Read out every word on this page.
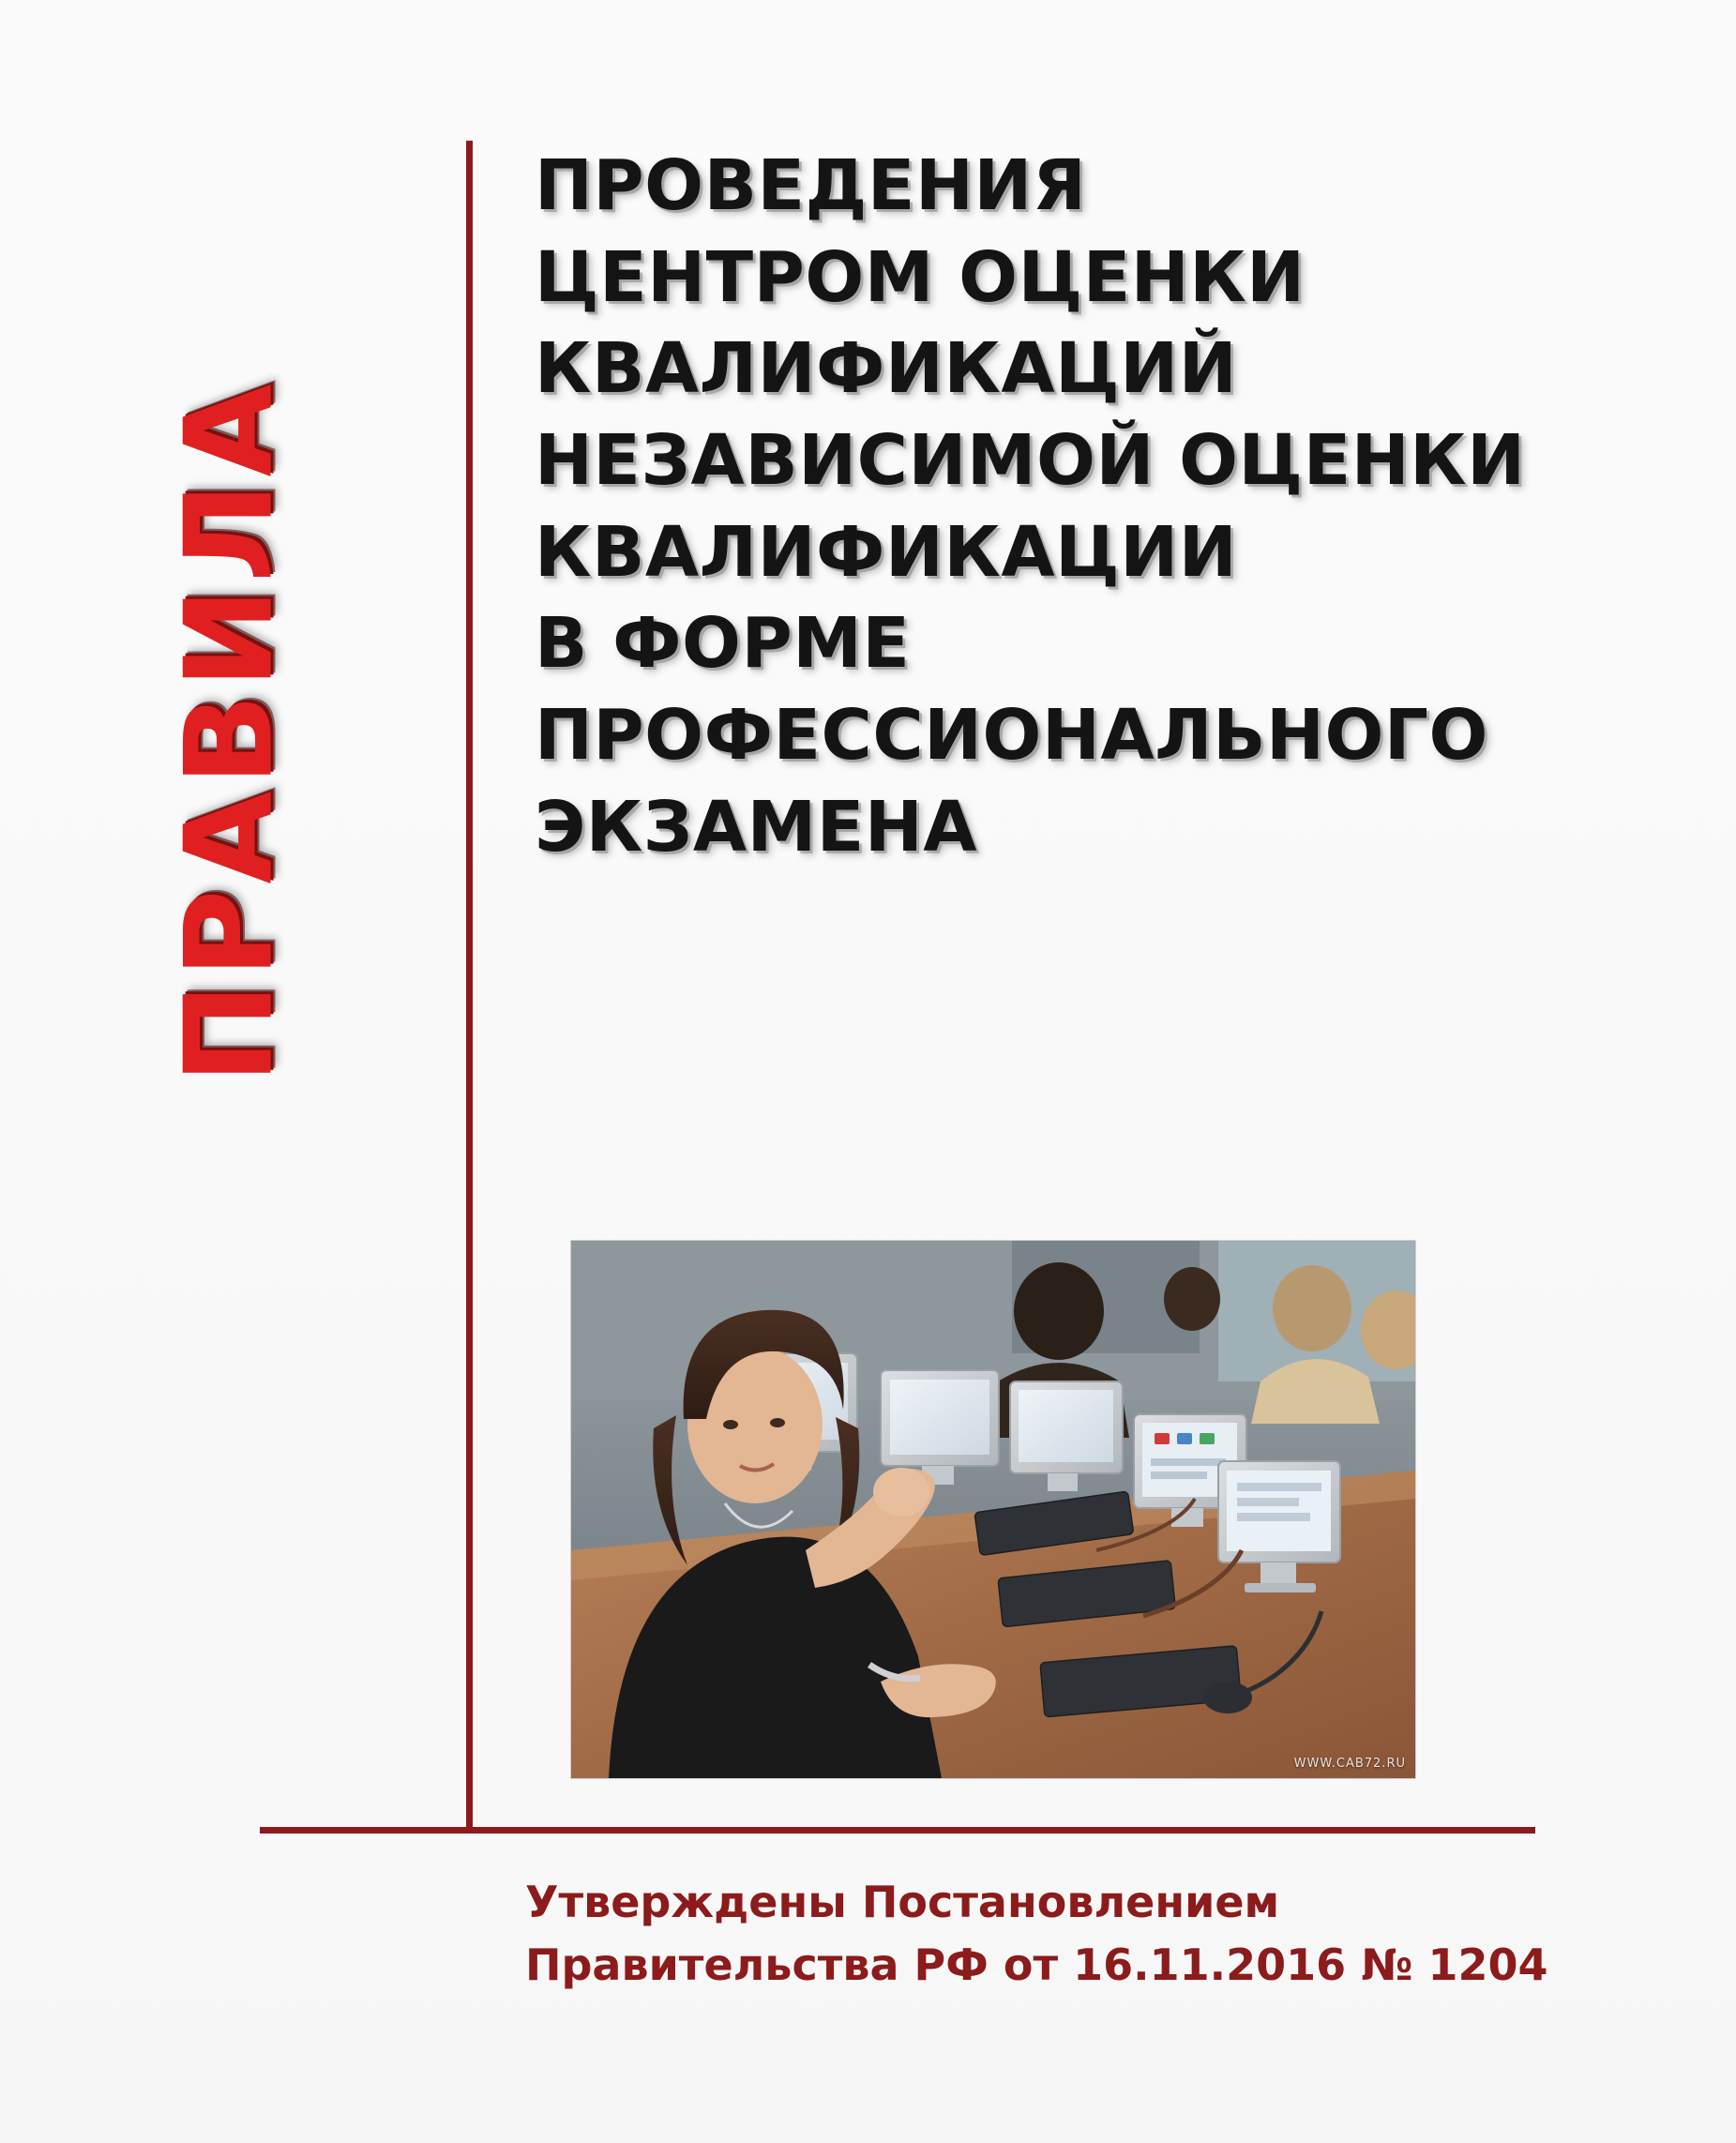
ПРАВИЛА
ПРОВЕДЕНИЯ
ЦЕНТРОМ ОЦЕНКИ
КВАЛИФИКАЦИЙ
НЕЗАВИСИМОЙ ОЦЕНКИ
КВАЛИФИКАЦИИ
В ФОРМЕ
ПРОФЕССИОНАЛЬНОГО
ЭКЗАМЕНА
WWW.CAB72.RU
Утверждены Постановлением
Правительства РФ от 16.11.2016 № 1204
